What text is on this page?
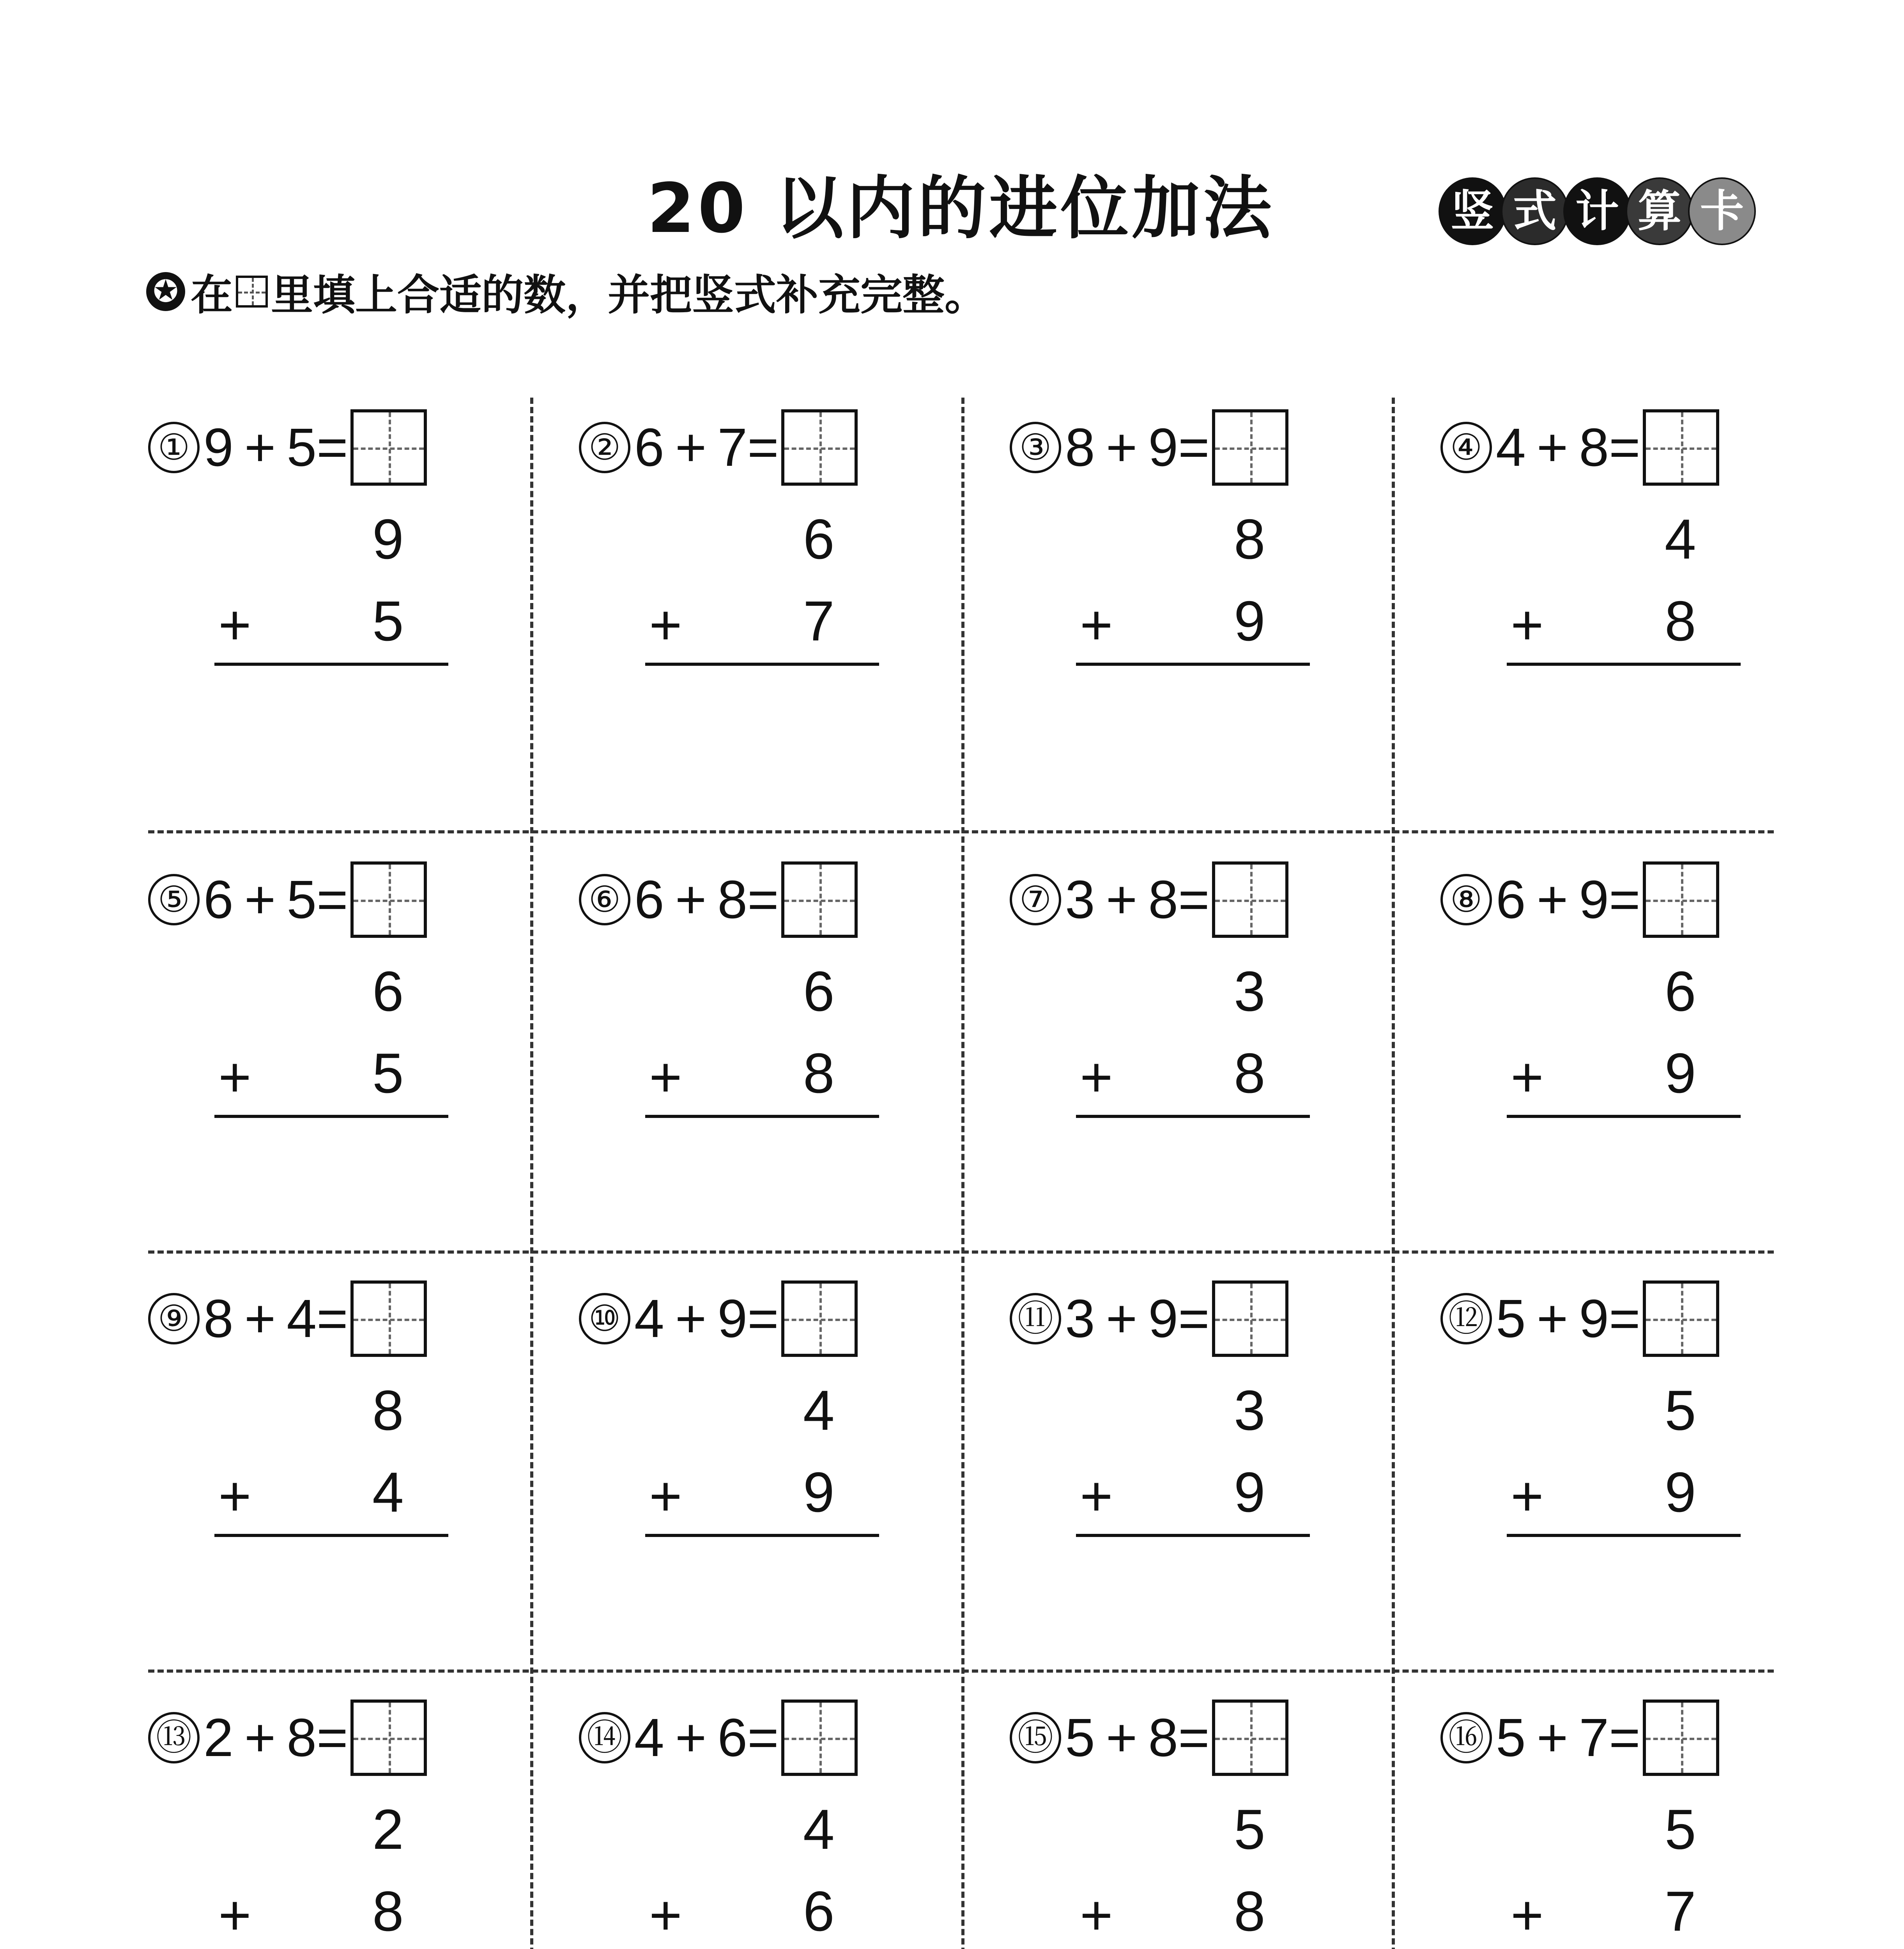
20 以内的进位加法	竖 式 计 算 卡
✪ 在 里填上合适的数，并把竖式补充完整。
① 9 + 5 =
9
+ 5
② 6 + 7 =
6
+ 7
③ 8 + 9 =
8
+ 9
④ 4 + 8 =
4
+ 8
⑤ 6 + 5 =
6
+ 5
⑥ 6 + 8 =
6
+ 8
⑦ 3 + 8 =
3
+ 8
⑧ 6 + 9 =
6
+ 9
⑨ 8 + 4 =
8
+ 4
⑩ 4 + 9 =
4
+ 9
⑪ 3 + 9 =
3
+ 9
⑫ 5 + 9 =
5
+ 9
⑬ 2 + 8 =
2
+ 8
⑭ 4 + 6 =
4
+ 6
⑮ 5 + 8 =
5
+ 8
⑯ 5 + 7 =
5
+ 7
